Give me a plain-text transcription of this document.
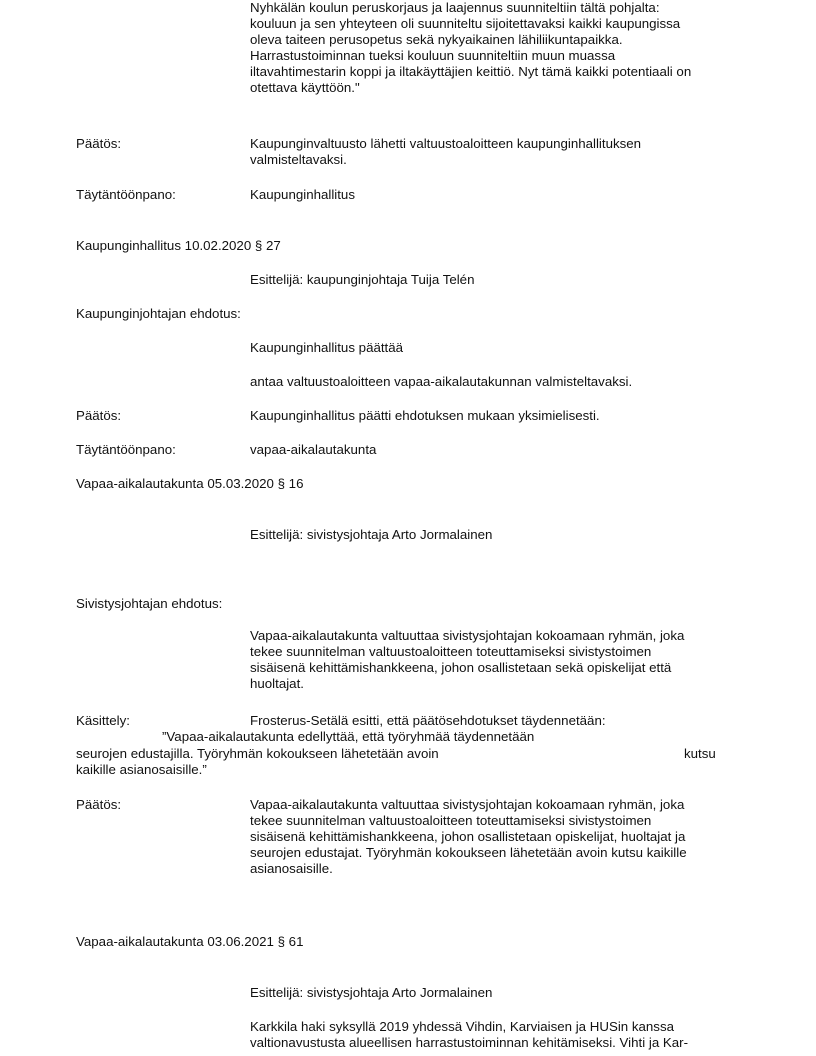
Nyhkälän koulun peruskorjaus ja laajennus suunniteltiin tältä pohjalta:
kouluun ja sen yhteyteen oli suunniteltu sijoitettavaksi kaikki kaupungissa
oleva taiteen perusopetus sekä nykyaikainen lähiliikuntapaikka.
Harrastustoiminnan tueksi kouluun suunniteltiin muun muassa
iltavahtimestarin koppi ja iltakäyttäjien keittiö. Nyt tämä kaikki potentiaali on
otettava käyttöön."

Päätös:	Kaupunginvaltuusto lähetti valtuustoaloitteen kaupunginhallituksen
valmisteltavaksi.

Täytäntöönpano:	Kaupunginhallitus

Kaupunginhallitus 10.02.2020 § 27

Esittelijä: kaupunginjohtaja Tuija Telén

Kaupunginjohtajan ehdotus:

Kaupunginhallitus päättää

antaa valtuustoaloitteen vapaa-aikalautakunnan valmisteltavaksi.

Päätös:	Kaupunginhallitus päätti ehdotuksen mukaan yksimielisesti.

Täytäntöönpano:	vapaa-aikalautakunta

Vapaa-aikalautakunta 05.03.2020 § 16

Esittelijä: sivistysjohtaja Arto Jormalainen

Sivistysjohtajan ehdotus:

Vapaa-aikalautakunta valtuuttaa sivistysjohtajan kokoamaan ryhmän, joka
tekee suunnitelman valtuustoaloitteen toteuttamiseksi sivistystoimen
sisäisenä kehittämishankkeena, johon osallistetaan sekä opiskelijat että
huoltajat.

Käsittely:	Frosterus-Setälä esitti, että päätösehdotukset täydennetään:

”Vapaa-aikalautakunta edellyttää, että työryhmää täydennetään

seurojen edustajilla. Työryhmän kokoukseen lähetetään avoin	kutsu

kaikille asianosaisille.”

Päätös:	Vapaa-aikalautakunta valtuuttaa sivistysjohtajan kokoamaan ryhmän, joka
tekee suunnitelman valtuustoaloitteen toteuttamiseksi sivistystoimen
sisäisenä kehittämishankkeena, johon osallistetaan opiskelijat, huoltajat ja
seurojen edustajat. Työryhmän kokoukseen lähetetään avoin kutsu kaikille
asianosaisille.

Vapaa-aikalautakunta 03.06.2021 § 61

Esittelijä: sivistysjohtaja Arto Jormalainen

Karkkila haki syksyllä 2019 yhdessä Vihdin, Karviaisen ja HUSin kanssa
valtionavustusta alueellisen harrastustoiminnan kehitämiseksi. Vihti ja Kar-
